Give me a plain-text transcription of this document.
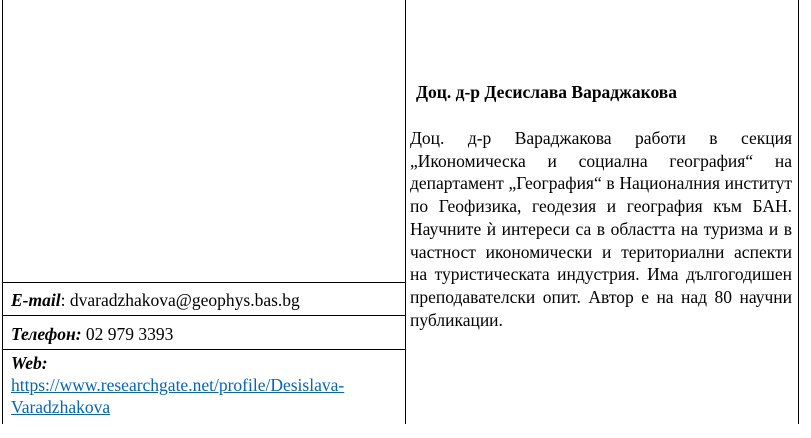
E-mail: dvaradzhakova@geophys.bas.bg
Телефон: 02 979 3393
Web:
https://www.researchgate.net/profile/Desislava-
Varadzhakova
Доц. д-р Десислава Вараджакова
Доц. д-р Вараджакова работи в секция „Икономическа и социална география“ на департамент „География“ в Националния институт по Геофизика, геодезия и география към БАН. Научните ѝ интереси са в областта на туризма и в частност икономически и териториални аспекти на туристическата индустрия. Има дългогодишен преподавателски опит. Автор е на над 80 научни публикации.
